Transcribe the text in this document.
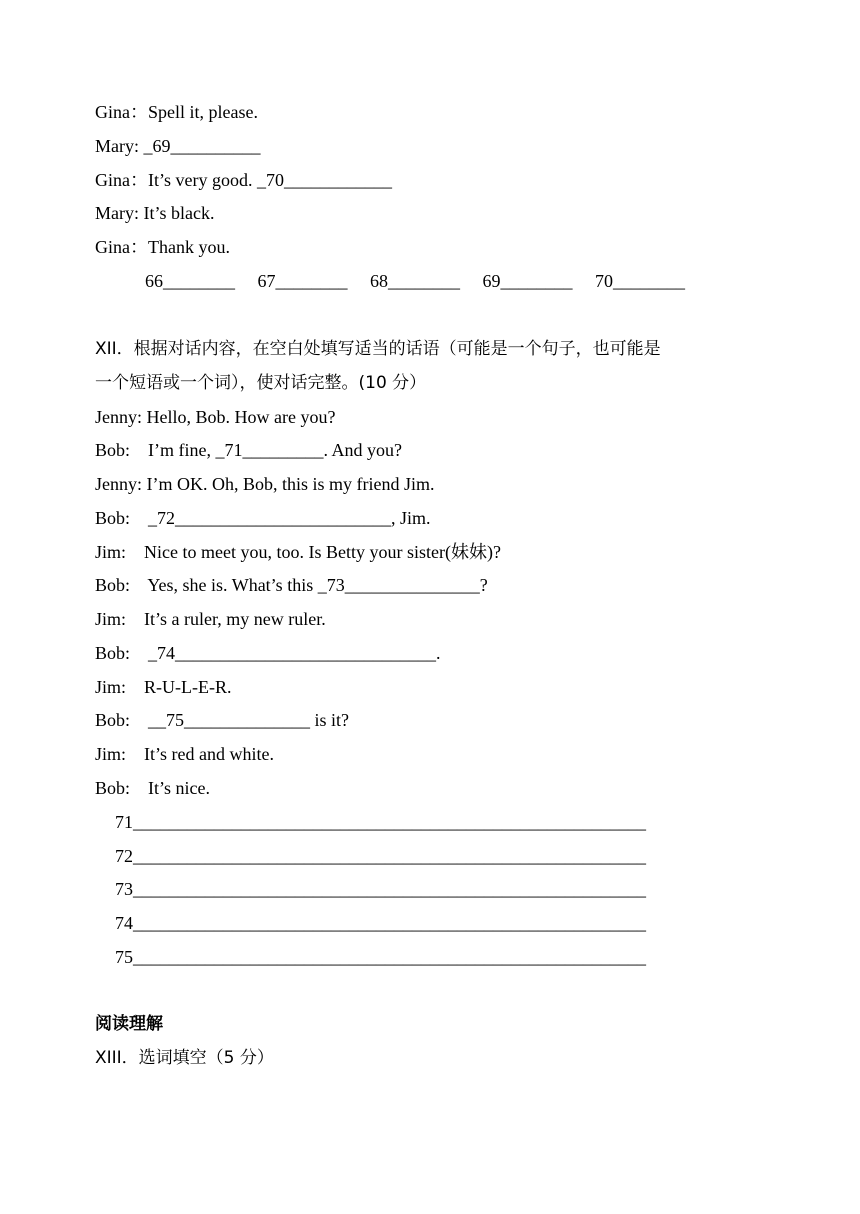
Gina：Spell it, please.
Mary: _69__________
Gina：It’s very good. _70____________
Mary: It’s black.
Gina：Thank you.
66________     67________     68________     69________     70________
XII．根据对话内容，在空白处填写适当的话语（可能是一个句子，也可能是
一个短语或一个词），使对话完整。(10 分）
Jenny: Hello, Bob. How are you?
Bob:    I’m fine, _71_________. And you?
Jenny: I’m OK. Oh, Bob, this is my friend Jim.
Bob:    _72________________________, Jim.
Jim:    Nice to meet you, too. Is Betty your sister(妹妹)?
Bob:    Yes, she is. What’s this _73_______________?
Jim:    It’s a ruler, my new ruler.
Bob:    _74_____________________________.
Jim:    R-U-L-E-R.
Bob:    __75______________ is it?
Jim:    It’s red and white.
Bob:    It’s nice.
71_________________________________________________________
72_________________________________________________________
73_________________________________________________________
74_________________________________________________________
75_________________________________________________________
阅读理解
XIII．选词填空（5 分）
